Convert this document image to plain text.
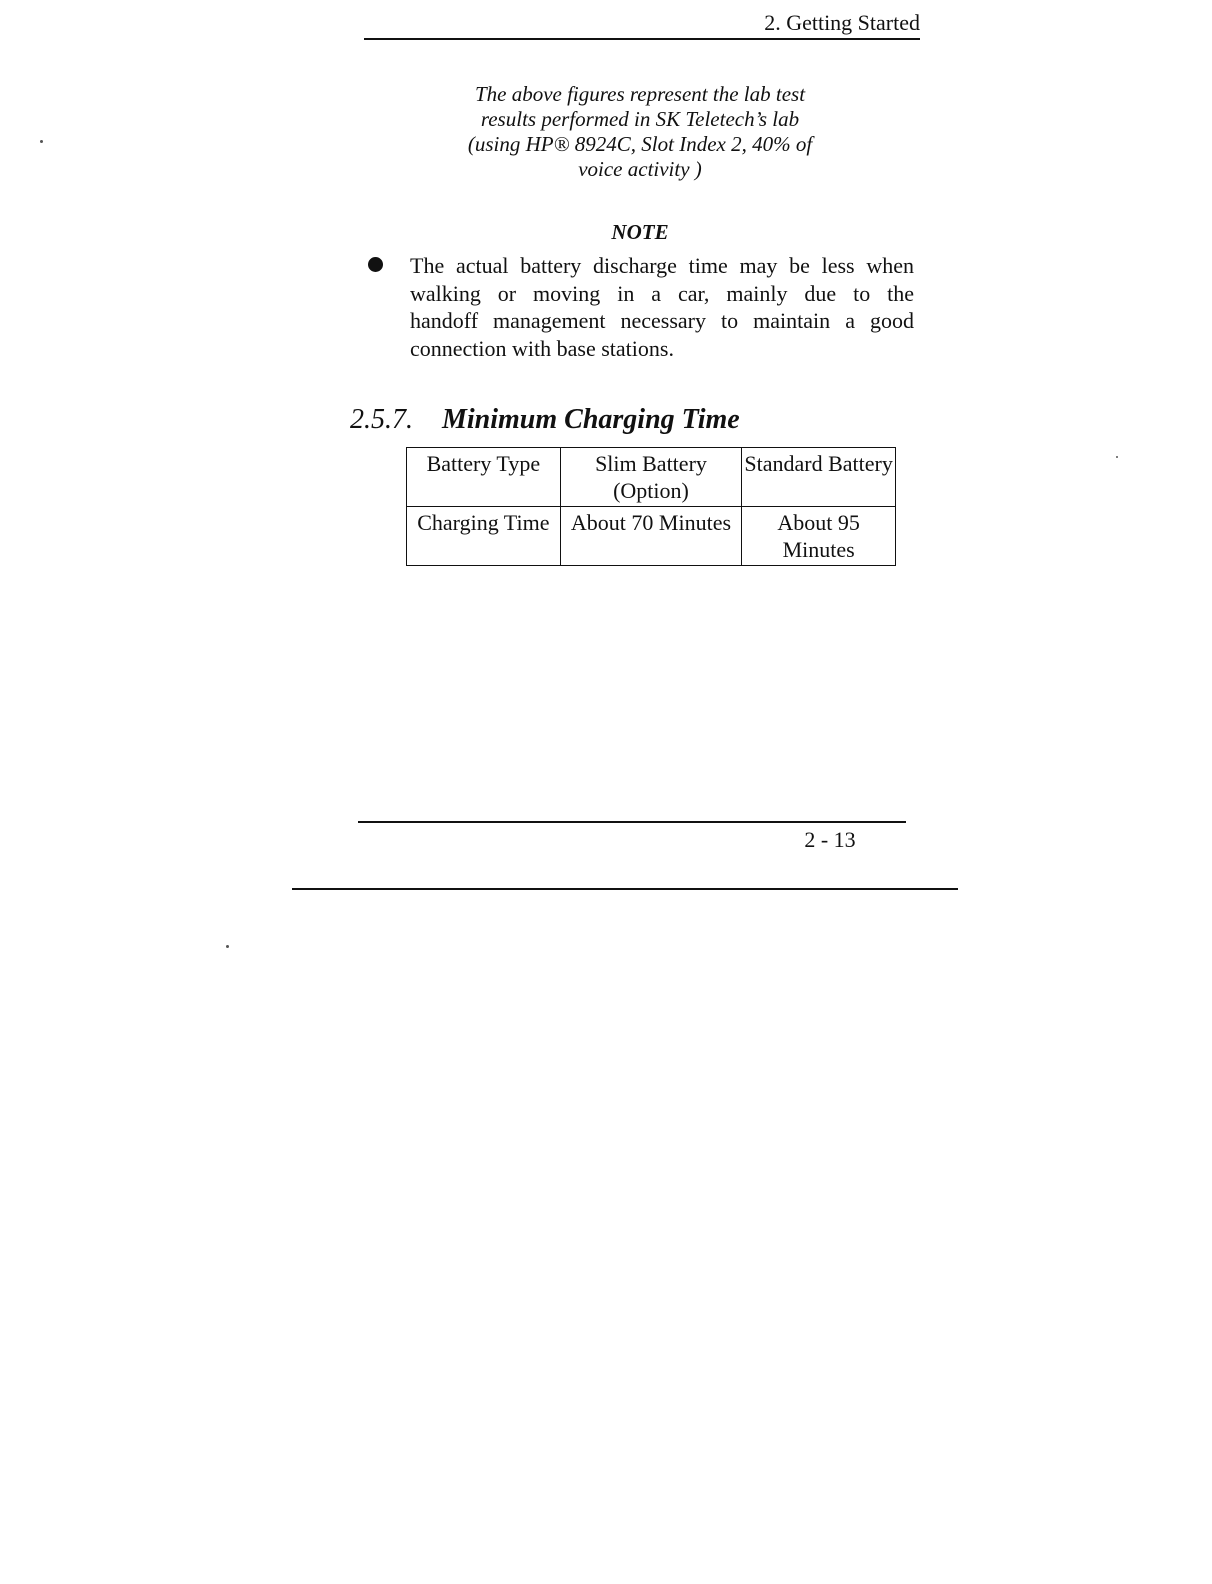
2. Getting Started
The above figures represent the lab test
results performed in SK Teletech’s lab
(using HP® 8924C, Slot Index 2, 40% of
voice activity )
NOTE
The actual battery discharge time may be less when
walking or moving in a car, mainly due to the
handoff management necessary to maintain a good
connection with base stations.
2.5.7. Minimum Charging Time
Battery Type	Slim Battery (Option)	Standard Battery
Charging Time	About 70 Minutes	About 95 Minutes
2 - 13
